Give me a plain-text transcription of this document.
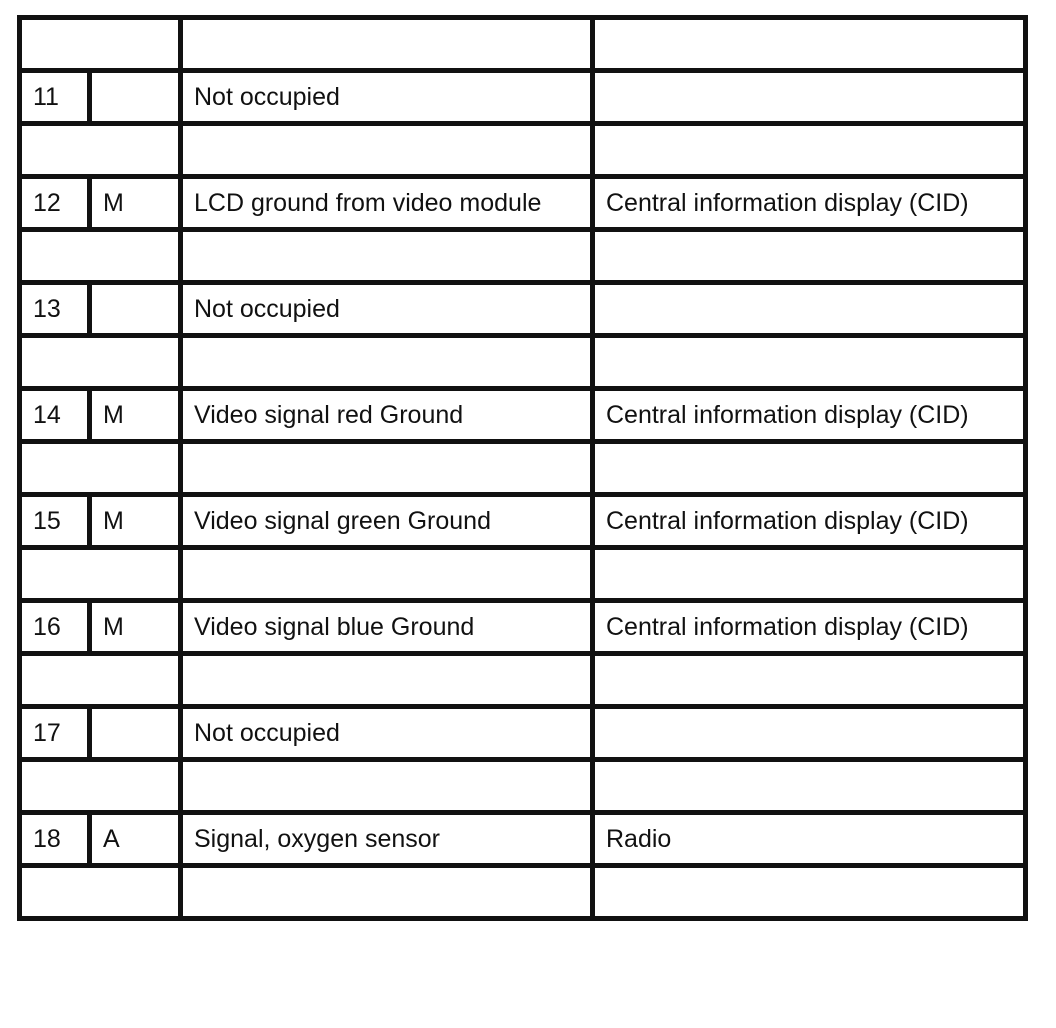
11		Not occupied	

12	M	LCD ground from video module	Central information display (CID)

13		Not occupied	

14	M	Video signal red Ground	Central information display (CID)

15	M	Video signal green Ground	Central information display (CID)

16	M	Video signal blue Ground	Central information display (CID)

17		Not occupied	

18	A	Signal, oxygen sensor	Radio
